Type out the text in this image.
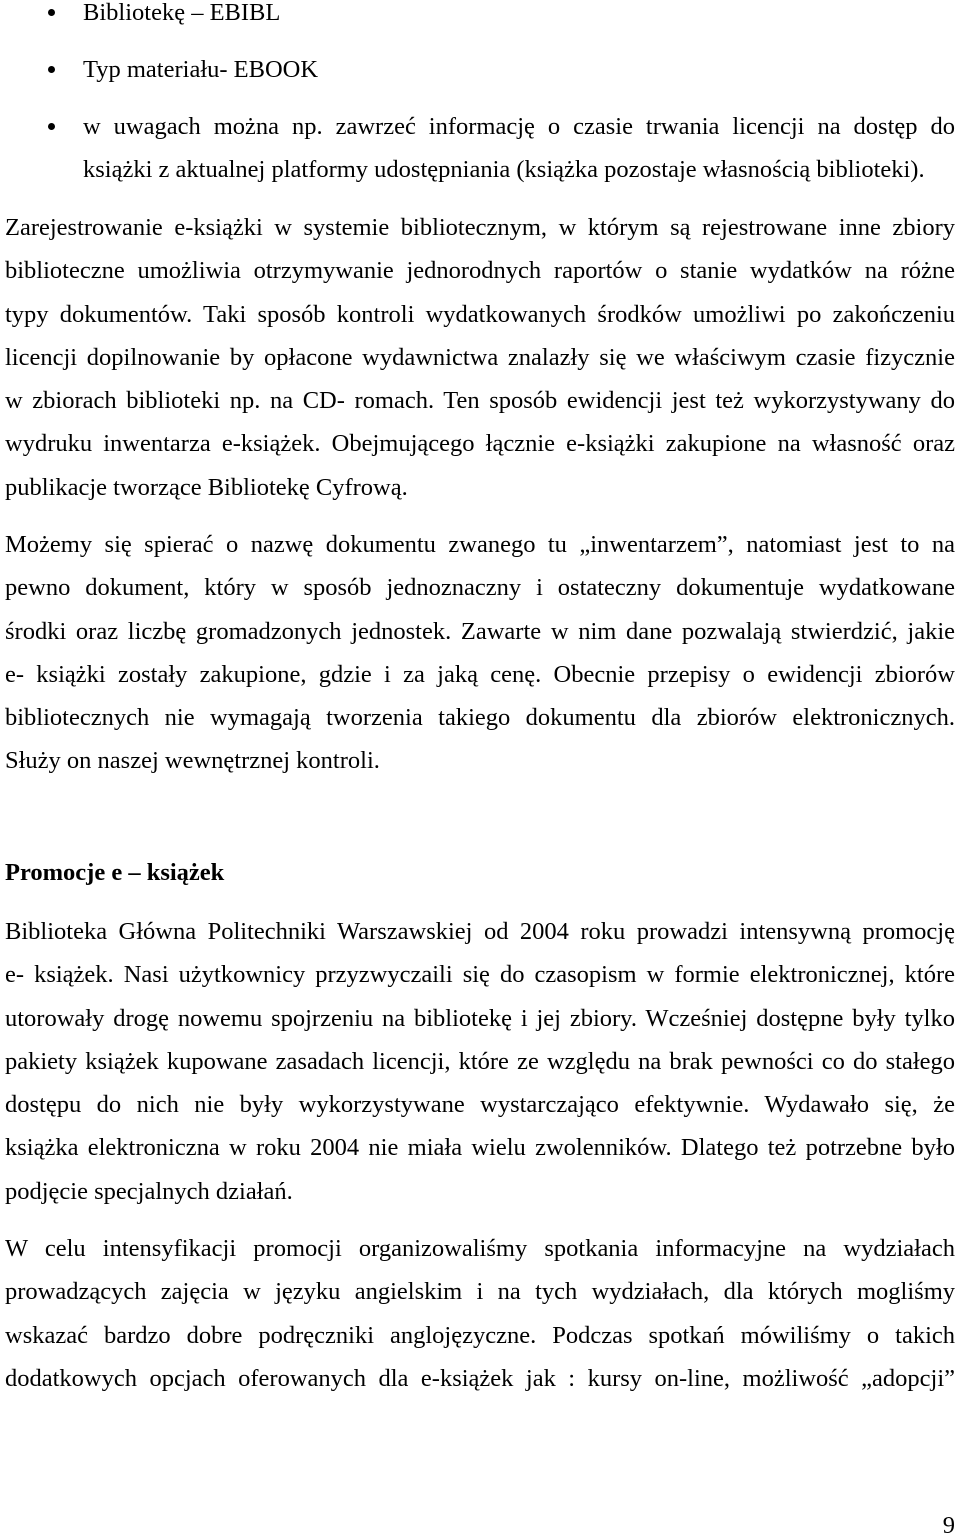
Bibliotekę – EBIBL
Typ materiału- EBOOK
w uwagach można np. zawrzeć informację o czasie trwania licencji na dostęp do
książki z aktualnej platformy udostępniania (książka pozostaje własnością biblioteki).
Zarejestrowanie e-książki w systemie bibliotecznym, w którym są rejestrowane inne zbiory
biblioteczne umożliwia otrzymywanie jednorodnych raportów o stanie wydatków na różne
typy dokumentów. Taki sposób kontroli wydatkowanych środków umożliwi po zakończeniu
licencji dopilnowanie by opłacone wydawnictwa znalazły się we właściwym czasie fizycznie
w zbiorach biblioteki np. na CD- romach. Ten sposób ewidencji jest też wykorzystywany do
wydruku inwentarza e-książek. Obejmującego łącznie e-książki zakupione na własność oraz
publikacje tworzące Bibliotekę Cyfrową.
Możemy się spierać o nazwę dokumentu zwanego tu „inwentarzem”, natomiast jest to na
pewno dokument, który w sposób jednoznaczny i ostateczny dokumentuje wydatkowane
środki oraz liczbę gromadzonych jednostek. Zawarte w nim dane pozwalają stwierdzić, jakie
e- książki zostały zakupione, gdzie i za jaką cenę. Obecnie przepisy o ewidencji zbiorów
bibliotecznych nie wymagają tworzenia takiego dokumentu dla zbiorów elektronicznych.
Służy on naszej wewnętrznej kontroli.
Promocje e – książek
Biblioteka Główna Politechniki Warszawskiej od 2004 roku prowadzi intensywną promocję
e- książek. Nasi użytkownicy przyzwyczaili się do czasopism w formie elektronicznej, które
utorowały drogę nowemu spojrzeniu na bibliotekę i jej zbiory. Wcześniej dostępne były tylko
pakiety książek kupowane zasadach licencji, które ze względu na brak pewności co do stałego
dostępu do nich nie były wykorzystywane wystarczająco efektywnie. Wydawało się, że
książka elektroniczna w roku 2004 nie miała wielu zwolenników. Dlatego też potrzebne było
podjęcie specjalnych działań.
W celu intensyfikacji promocji organizowaliśmy spotkania informacyjne na wydziałach
prowadzących zajęcia w języku angielskim i na tych wydziałach, dla których mogliśmy
wskazać bardzo dobre podręczniki anglojęzyczne. Podczas spotkań mówiliśmy o takich
dodatkowych opcjach oferowanych dla e-książek jak : kursy on-line, możliwość „adopcji”
9
